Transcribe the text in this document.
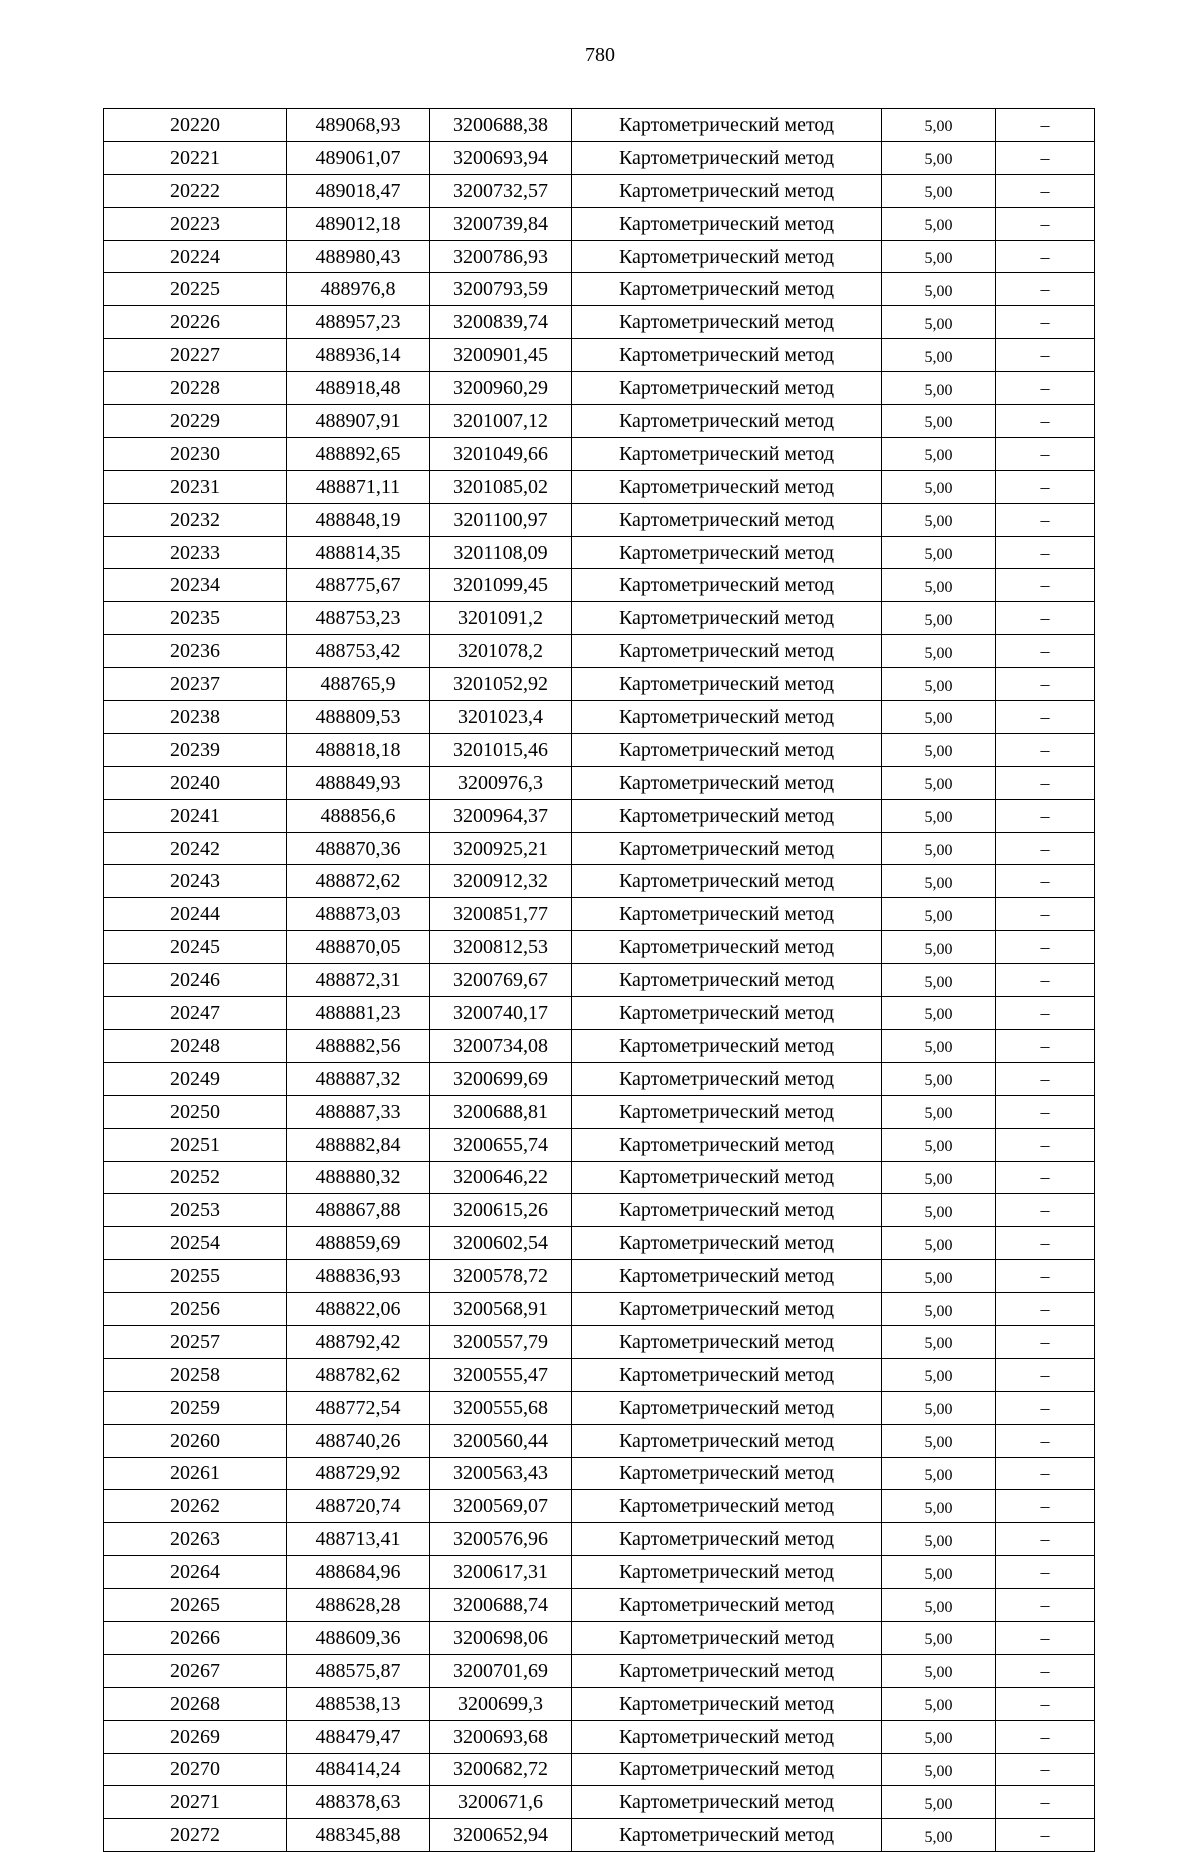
780
20220	489068,93	3200688,38	Картометрический метод	5,00	–
20221	489061,07	3200693,94	Картометрический метод	5,00	–
20222	489018,47	3200732,57	Картометрический метод	5,00	–
20223	489012,18	3200739,84	Картометрический метод	5,00	–
20224	488980,43	3200786,93	Картометрический метод	5,00	–
20225	488976,8	3200793,59	Картометрический метод	5,00	–
20226	488957,23	3200839,74	Картометрический метод	5,00	–
20227	488936,14	3200901,45	Картометрический метод	5,00	–
20228	488918,48	3200960,29	Картометрический метод	5,00	–
20229	488907,91	3201007,12	Картометрический метод	5,00	–
20230	488892,65	3201049,66	Картометрический метод	5,00	–
20231	488871,11	3201085,02	Картометрический метод	5,00	–
20232	488848,19	3201100,97	Картометрический метод	5,00	–
20233	488814,35	3201108,09	Картометрический метод	5,00	–
20234	488775,67	3201099,45	Картометрический метод	5,00	–
20235	488753,23	3201091,2	Картометрический метод	5,00	–
20236	488753,42	3201078,2	Картометрический метод	5,00	–
20237	488765,9	3201052,92	Картометрический метод	5,00	–
20238	488809,53	3201023,4	Картометрический метод	5,00	–
20239	488818,18	3201015,46	Картометрический метод	5,00	–
20240	488849,93	3200976,3	Картометрический метод	5,00	–
20241	488856,6	3200964,37	Картометрический метод	5,00	–
20242	488870,36	3200925,21	Картометрический метод	5,00	–
20243	488872,62	3200912,32	Картометрический метод	5,00	–
20244	488873,03	3200851,77	Картометрический метод	5,00	–
20245	488870,05	3200812,53	Картометрический метод	5,00	–
20246	488872,31	3200769,67	Картометрический метод	5,00	–
20247	488881,23	3200740,17	Картометрический метод	5,00	–
20248	488882,56	3200734,08	Картометрический метод	5,00	–
20249	488887,32	3200699,69	Картометрический метод	5,00	–
20250	488887,33	3200688,81	Картометрический метод	5,00	–
20251	488882,84	3200655,74	Картометрический метод	5,00	–
20252	488880,32	3200646,22	Картометрический метод	5,00	–
20253	488867,88	3200615,26	Картометрический метод	5,00	–
20254	488859,69	3200602,54	Картометрический метод	5,00	–
20255	488836,93	3200578,72	Картометрический метод	5,00	–
20256	488822,06	3200568,91	Картометрический метод	5,00	–
20257	488792,42	3200557,79	Картометрический метод	5,00	–
20258	488782,62	3200555,47	Картометрический метод	5,00	–
20259	488772,54	3200555,68	Картометрический метод	5,00	–
20260	488740,26	3200560,44	Картометрический метод	5,00	–
20261	488729,92	3200563,43	Картометрический метод	5,00	–
20262	488720,74	3200569,07	Картометрический метод	5,00	–
20263	488713,41	3200576,96	Картометрический метод	5,00	–
20264	488684,96	3200617,31	Картометрический метод	5,00	–
20265	488628,28	3200688,74	Картометрический метод	5,00	–
20266	488609,36	3200698,06	Картометрический метод	5,00	–
20267	488575,87	3200701,69	Картометрический метод	5,00	–
20268	488538,13	3200699,3	Картометрический метод	5,00	–
20269	488479,47	3200693,68	Картометрический метод	5,00	–
20270	488414,24	3200682,72	Картометрический метод	5,00	–
20271	488378,63	3200671,6	Картометрический метод	5,00	–
20272	488345,88	3200652,94	Картометрический метод	5,00	–
